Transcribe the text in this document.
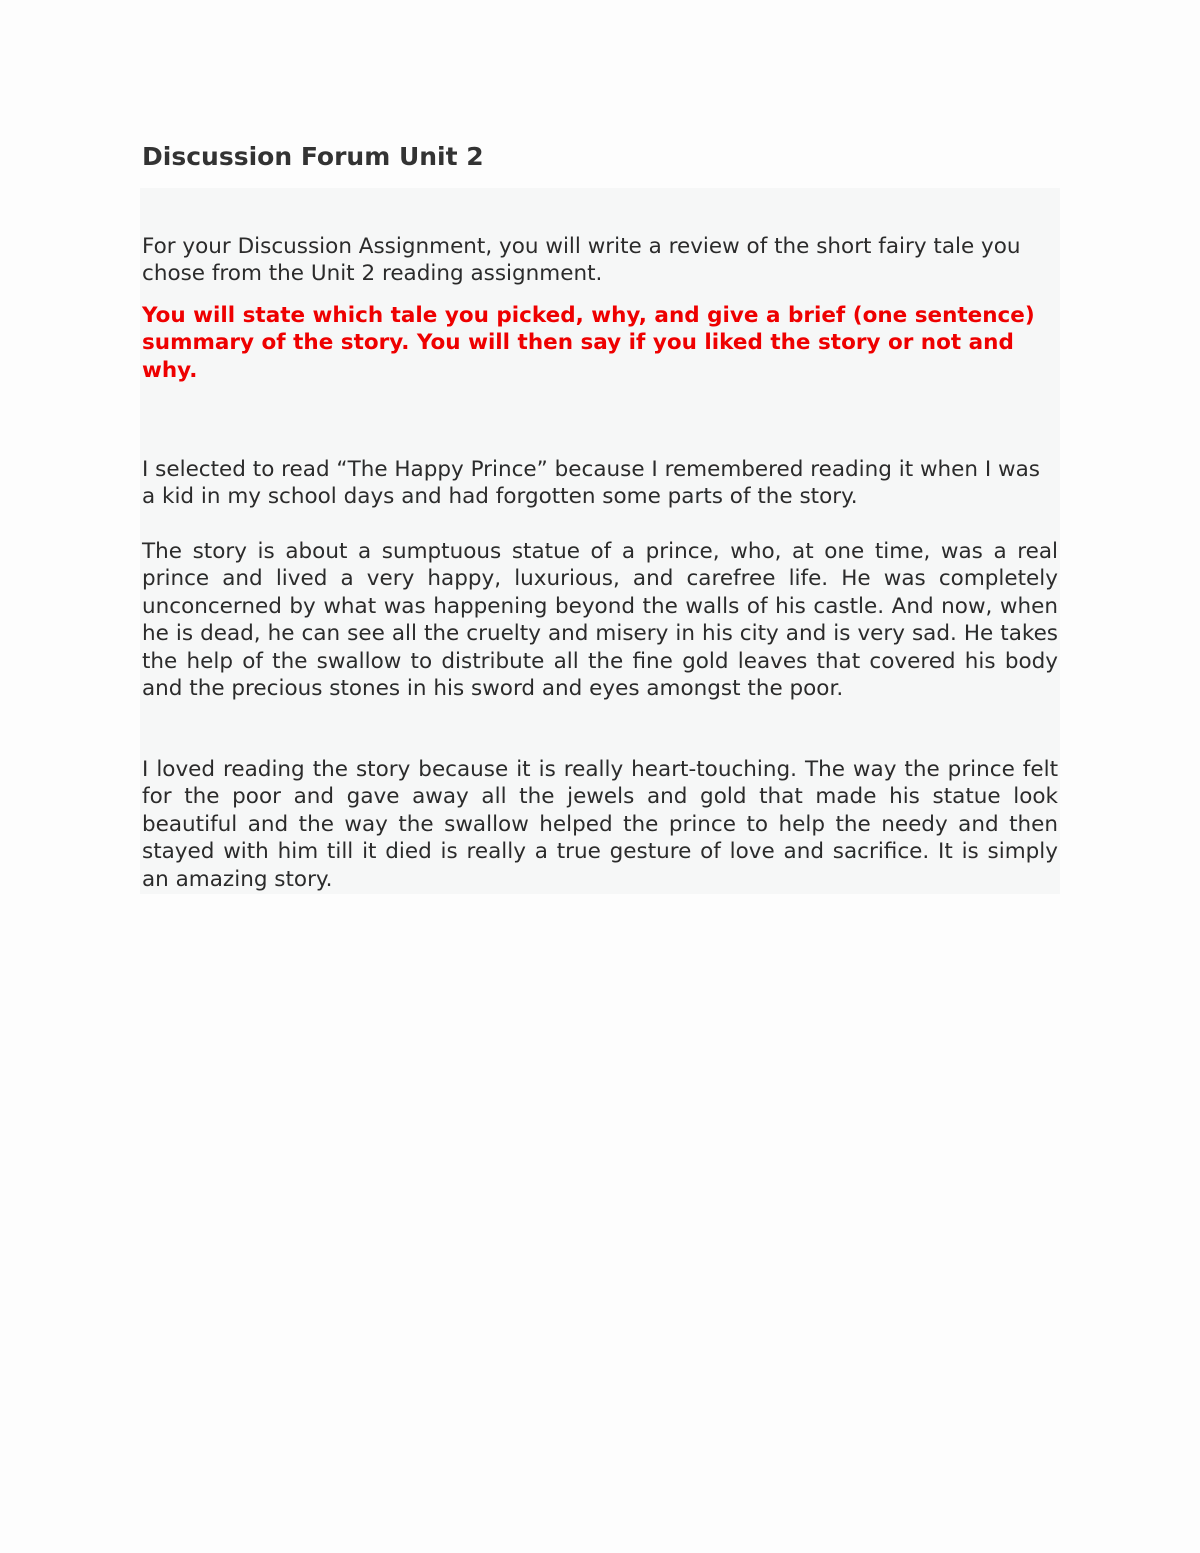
Discussion Forum Unit 2

For your Discussion Assignment, you will write a review of the short fairy tale you chose from the Unit 2 reading assignment.

You will state which tale you picked, why, and give a brief (one sentence) summary of the story. You will then say if you liked the story or not and why.

I selected to read “The Happy Prince” because I remembered reading it when I was a kid in my school days and had forgotten some parts of the story.

The story is about a sumptuous statue of a prince, who, at one time, was a real prince and lived a very happy, luxurious, and carefree life. He was completely unconcerned by what was happening beyond the walls of his castle. And now, when he is dead, he can see all the cruelty and misery in his city and is very sad. He takes the help of the swallow to distribute all the fine gold leaves that covered his body and the precious stones in his sword and eyes amongst the poor.

I loved reading the story because it is really heart-touching. The way the prince felt for the poor and gave away all the jewels and gold that made his statue look beautiful and the way the swallow helped the prince to help the needy and then stayed with him till it died is really a true gesture of love and sacrifice. It is simply an amazing story.
